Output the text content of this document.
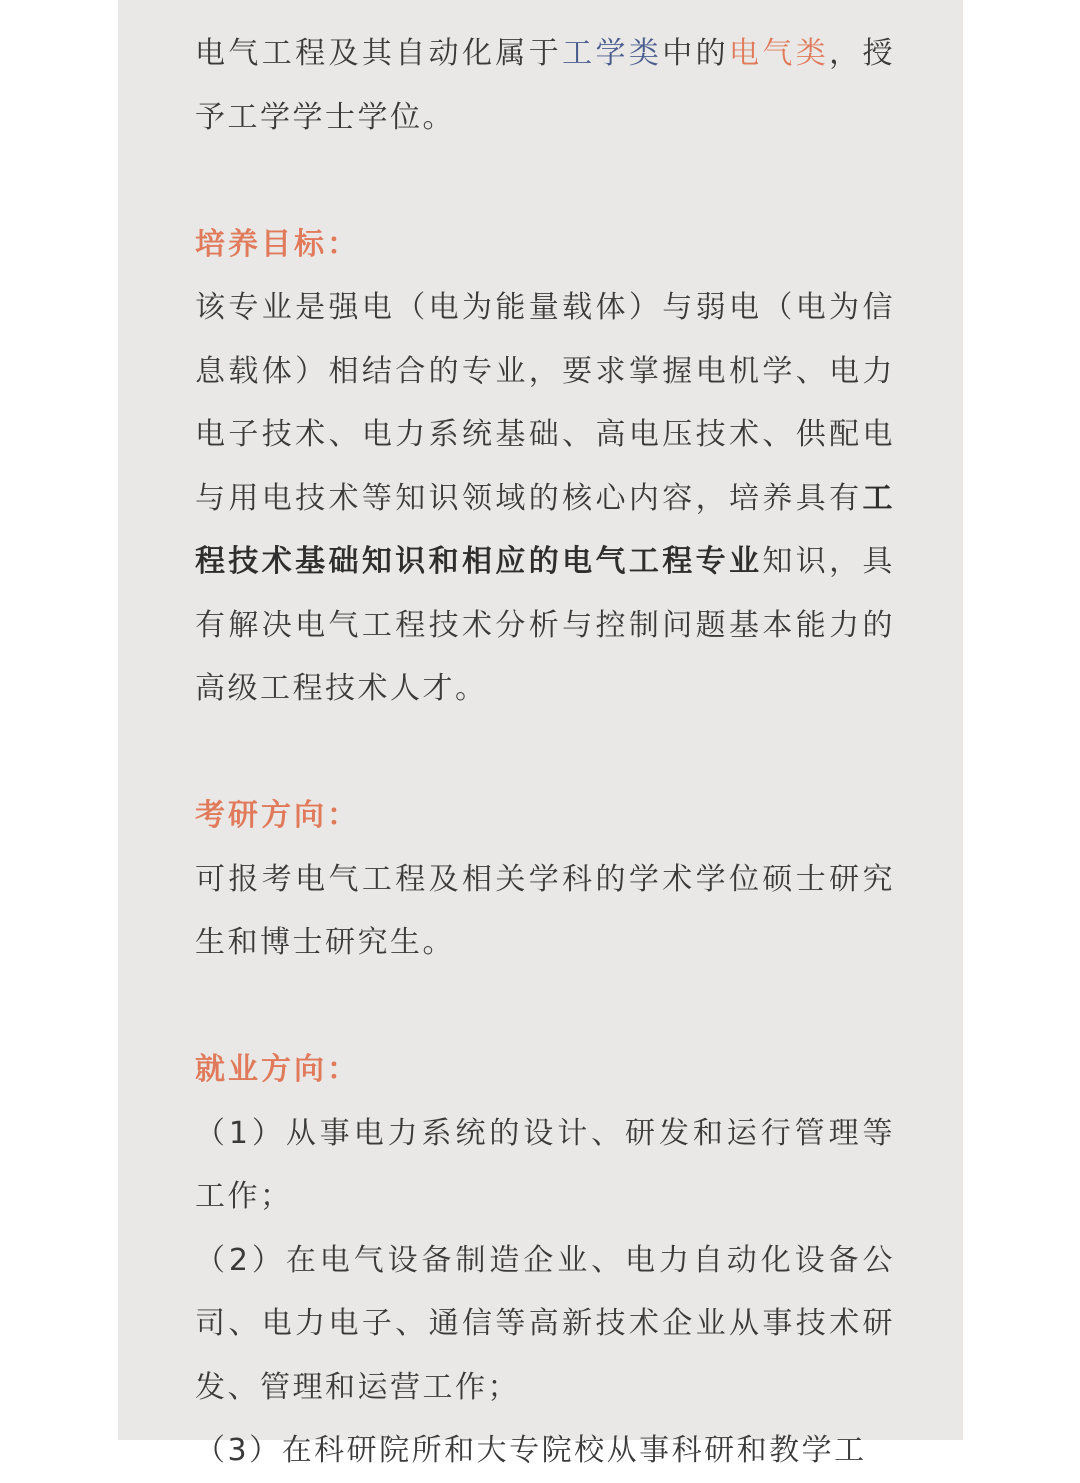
电气工程及其自动化属于工学类中的电气类，授予工学学士学位。

培养目标：

该专业是强电（电为能量载体）与弱电（电为信息载体）相结合的专业，要求掌握电机学、电力电子技术、电力系统基础、高电压技术、供配电与用电技术等知识领域的核心内容，培养具有工程技术基础知识和相应的电气工程专业知识，具有解决电气工程技术分析与控制问题基本能力的高级工程技术人才。

考研方向：

可报考电气工程及相关学科的学术学位硕士研究生和博士研究生。

就业方向：

（1）从事电力系统的设计、研发和运行管理等工作；

（2）在电气设备制造企业、电力自动化设备公司、电力电子、通信等高新技术企业从事技术研发、管理和运营工作；

（3）在科研院所和大专院校从事科研和教学工
